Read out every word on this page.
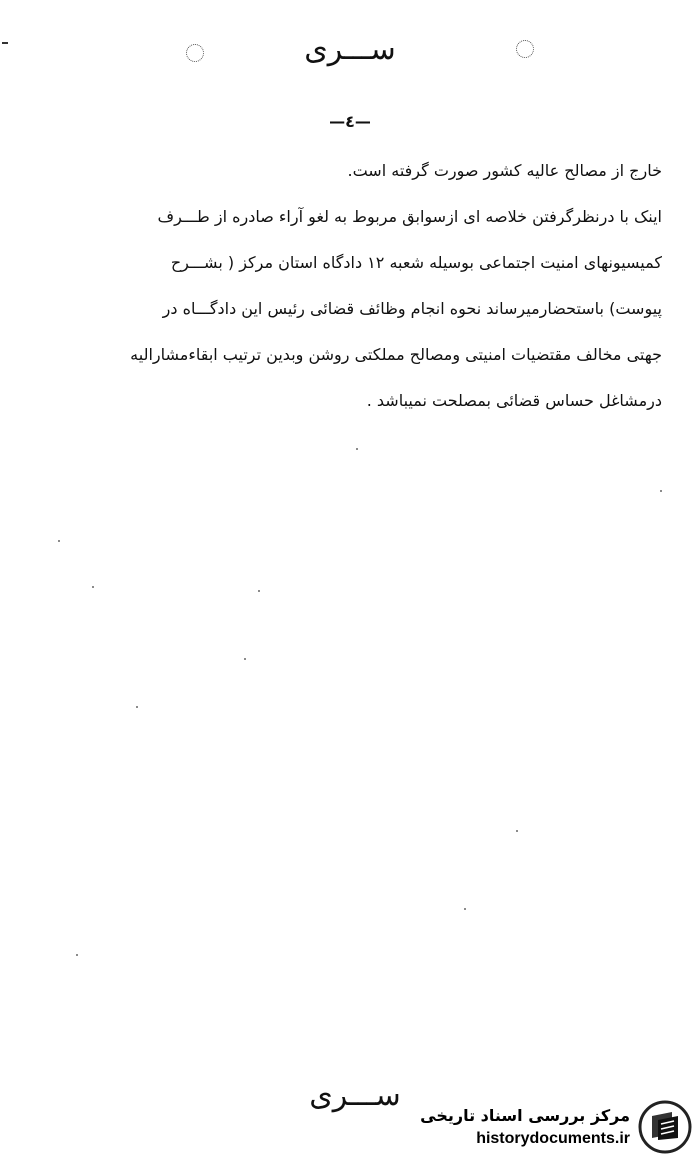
ســـری
—٤—
خارج از مصالح عالیه کشور صورت گرفته است.
اینک با درنظرگرفتن خلاصه ای ازسوابق مربوط به لغو آراء صادره از طـــرف
کمیسیونهای امنیت اجتماعی بوسیله شعبه ۱۲ دادگاه استان مرکز ( بشـــرح
پیوست) باستحضارمیرساند نحوه انجام وظائف قضائی رئیس این دادگـــاه در
جهتی مخالف مقتضیات امنیتی ومصالح مملکتی روشن وبدین ترتیب ابقاءمشارالیه
درمشاغل حساس قضائی بمصلحت نمیباشد .
ســـری
مرکز بررسی اسناد تاریخی
historydocuments.ir
